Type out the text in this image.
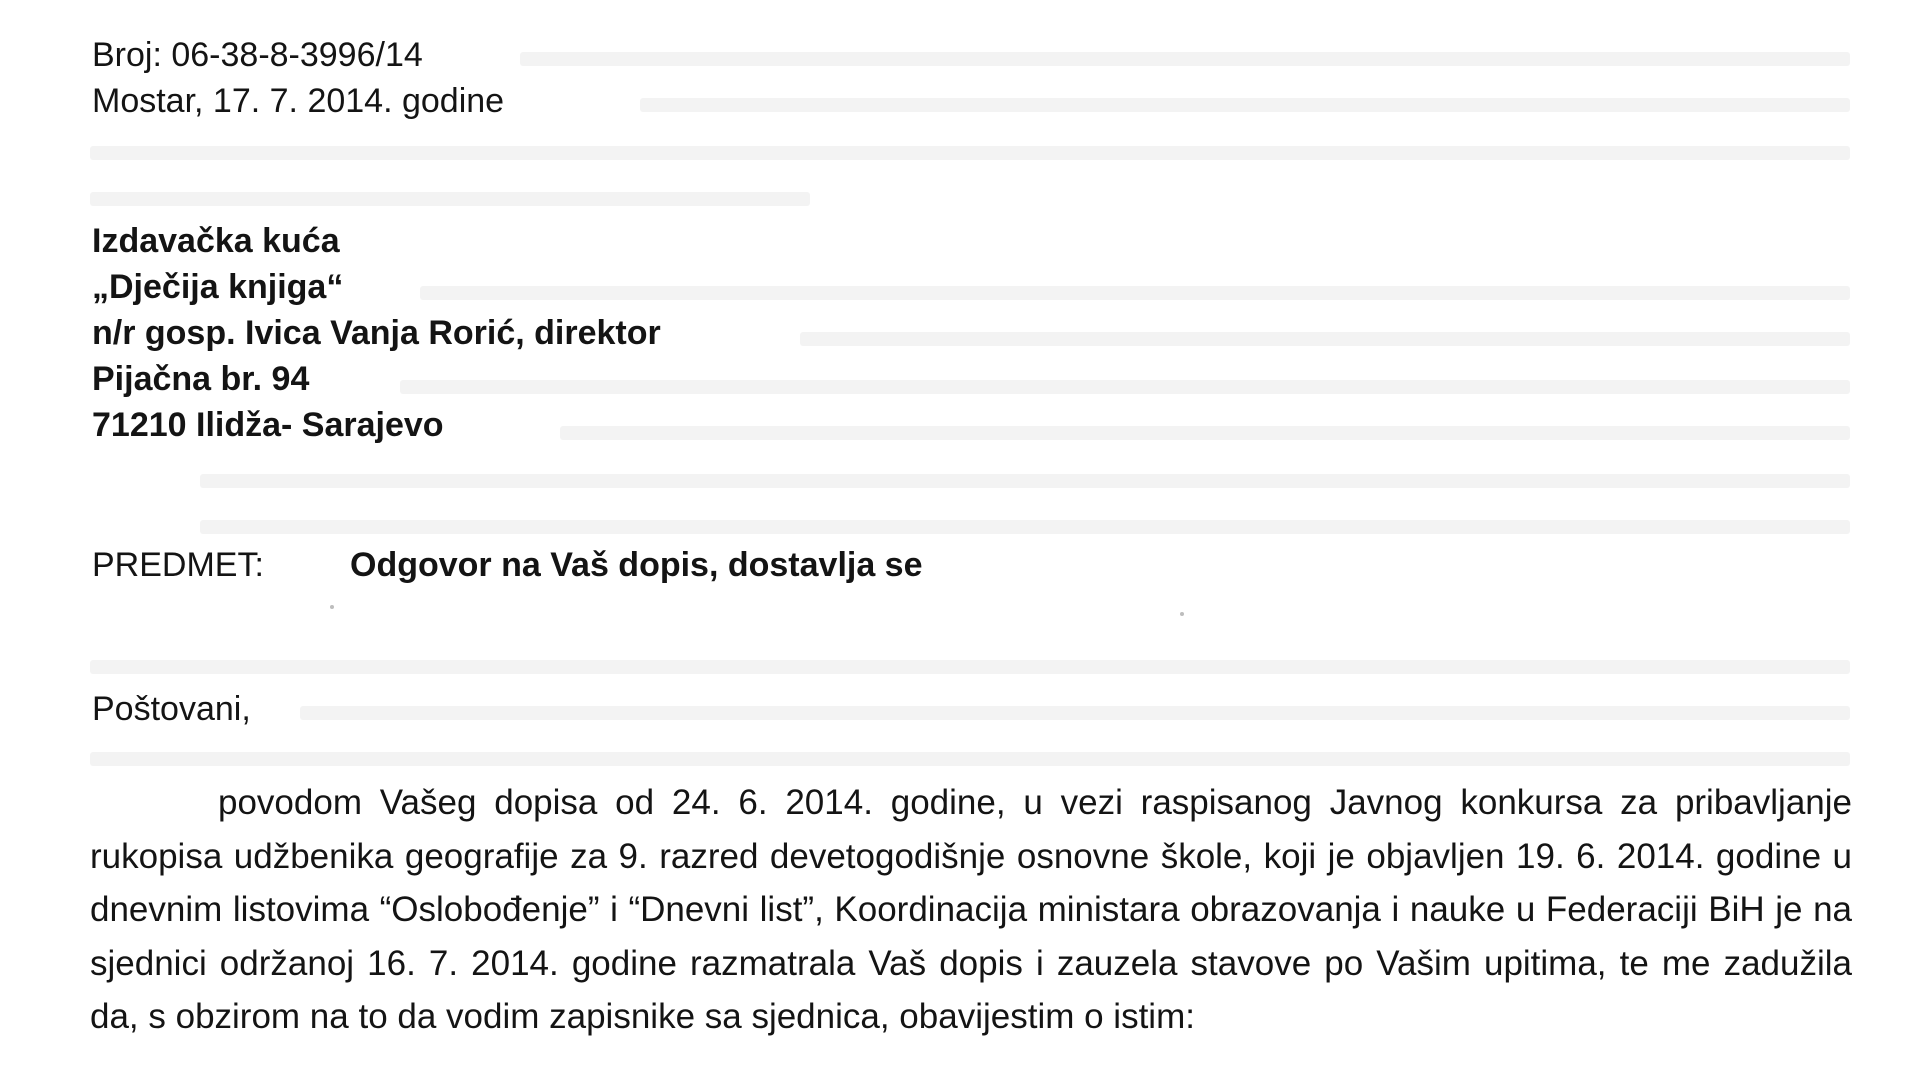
Broj: 06-38-8-3996/14
Mostar, 17. 7. 2014. godine
Izdavačka kuća
„Dječija knjiga“
n/r gosp. Ivica Vanja Rorić, direktor
Pijačna br. 94
71210 Ilidža- Sarajevo
PREDMET:	Odgovor na Vaš dopis, dostavlja se
Poštovani,

povodom Vašeg dopisa od 24. 6. 2014. godine, u vezi raspisanog Javnog konkursa za pribavljanje rukopisa udžbenika geografije za 9. razred devetogodišnje osnovne škole, koji je objavljen 19. 6. 2014. godine u dnevnim listovima “Oslobođenje” i “Dnevni list”, Koordinacija ministara obrazovanja i nauke u Federaciji BiH je na sjednici održanoj 16. 7. 2014. godine razmatrala Vaš dopis i zauzela stavove po Vašim upitima, te me zadužila da, s obzirom na to da vodim zapisnike sa sjednica, obavijestim o istim:
